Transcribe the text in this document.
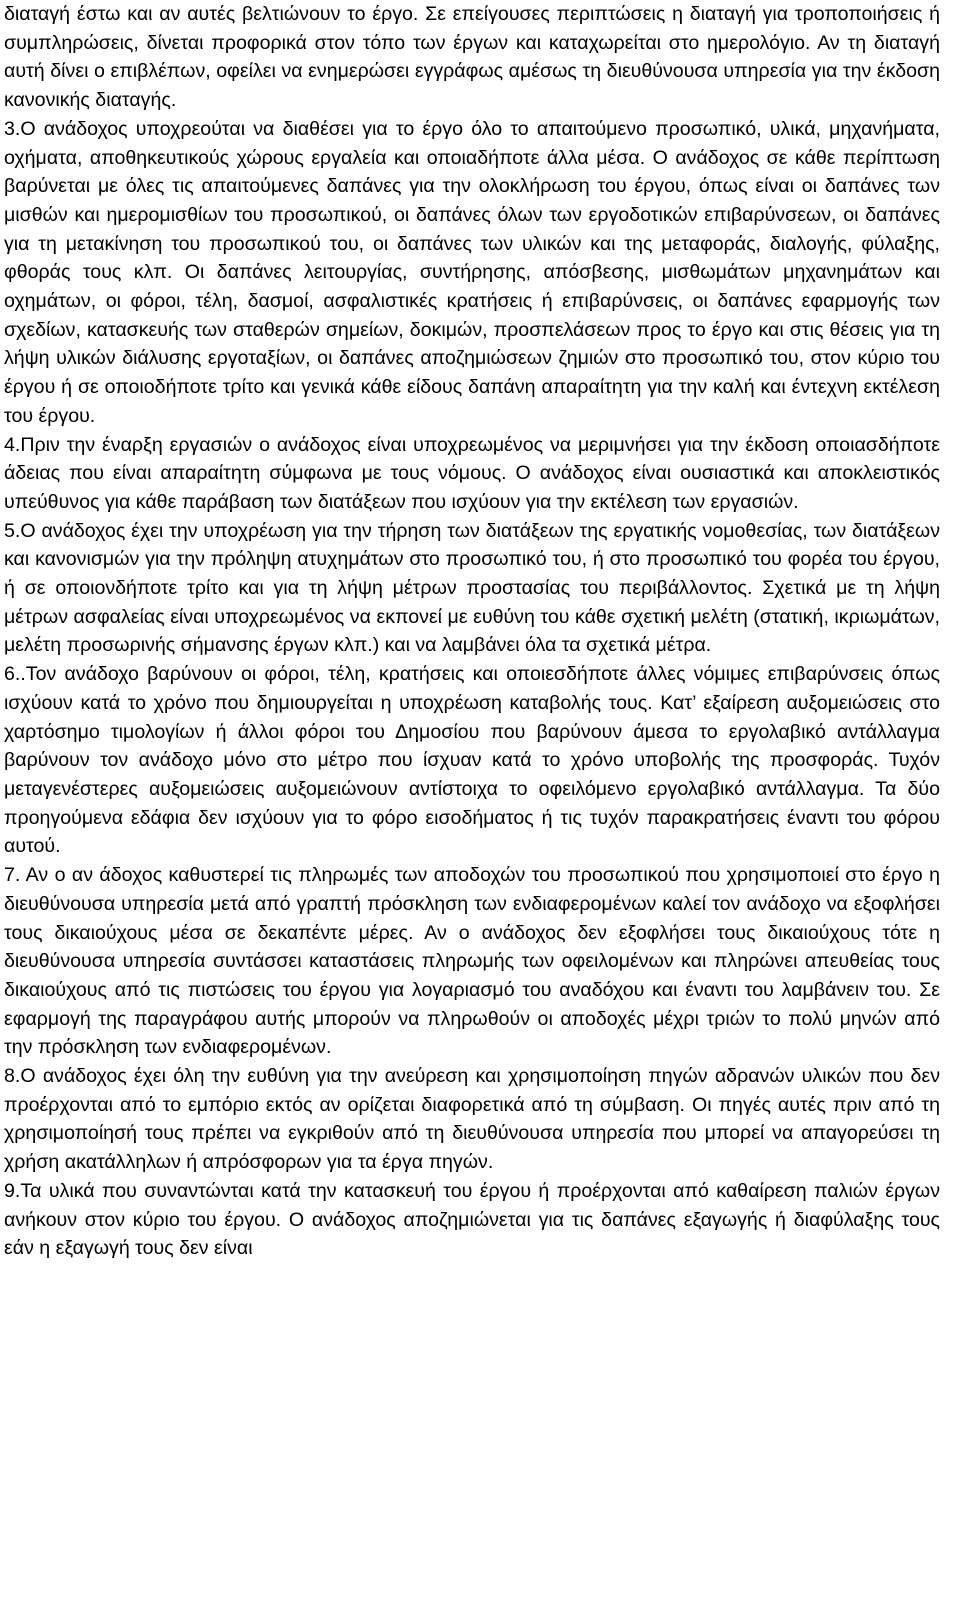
διαταγή έστω και αν αυτές βελτιώνουν το έργο. Σε επείγουσες περιπτώσεις η διαταγή για τροποποιήσεις ή συμπληρώσεις, δίνεται προφορικά στον τόπο των έργων και καταχωρείται στο ημερολόγιο. Αν τη διαταγή αυτή δίνει ο επιβλέπων, οφείλει να ενημερώσει εγγράφως αμέσως τη διευθύνουσα υπηρεσία για την έκδοση κανονικής διαταγής.

3.Ο ανάδοχος υποχρεούται να διαθέσει για το έργο όλο το απαιτούμενο προσωπικό, υλικά, μηχανήματα, οχήματα, αποθηκευτικούς χώρους εργαλεία και οποιαδήποτε άλλα μέσα. Ο ανάδοχος σε κάθε περίπτωση βαρύνεται με όλες τις απαιτούμενες δαπάνες για την ολοκλήρωση του έργου, όπως είναι οι δαπάνες των μισθών και ημερομισθίων του προσωπικού, οι δαπάνες όλων των εργοδοτικών επιβαρύνσεων, οι δαπάνες για τη μετακίνηση του προσωπικού του, οι δαπάνες των υλικών και της μεταφοράς, διαλογής, φύλαξης, φθοράς τους κλπ. Οι δαπάνες λειτουργίας, συντήρησης, απόσβεσης, μισθωμάτων μηχανημάτων και οχημάτων, οι φόροι, τέλη, δασμοί, ασφαλιστικές κρατήσεις ή επιβαρύνσεις, οι δαπάνες εφαρμογής των σχεδίων, κατασκευής των σταθερών σημείων, δοκιμών, προσπελάσεων προς το έργο και στις θέσεις για τη λήψη υλικών διάλυσης εργοταξίων, οι δαπάνες αποζημιώσεων ζημιών στο προσωπικό του, στον κύριο του έργου ή σε οποιοδήποτε τρίτο και γενικά κάθε είδους δαπάνη απαραίτητη για την καλή και έντεχνη εκτέλεση του έργου.

4.Πριν την έναρξη εργασιών ο ανάδοχος είναι υποχρεωμένος να μεριμνήσει για την έκδοση οποιασδήποτε άδειας που είναι απαραίτητη σύμφωνα με τους νόμους. Ο ανάδοχος είναι ουσιαστικά και αποκλειστικός υπεύθυνος για κάθε παράβαση των διατάξεων που ισχύουν για την εκτέλεση των εργασιών.

5.Ο ανάδοχος έχει την υποχρέωση για την τήρηση των διατάξεων της εργατικής νομοθεσίας, των διατάξεων και κανονισμών για την πρόληψη ατυχημάτων στο προσωπικό του, ή στο προσωπικό του φορέα του έργου, ή σε οποιονδήποτε τρίτο και για τη λήψη μέτρων προστασίας του περιβάλλοντος. Σχετικά με τη λήψη μέτρων ασφαλείας είναι υποχρεωμένος να εκπονεί με ευθύνη του κάθε σχετική μελέτη (στατική, ικριωμάτων, μελέτη προσωρινής σήμανσης έργων κλπ.) και να λαμβάνει όλα τα σχετικά μέτρα.

6..Τον ανάδοχο βαρύνουν οι φόροι, τέλη, κρατήσεις και οποιεσδήποτε άλλες νόμιμες επιβαρύνσεις όπως ισχύουν κατά το χρόνο που δημιουργείται η υποχρέωση καταβολής τους. Κατ’ εξαίρεση αυξομειώσεις στο χαρτόσημο τιμολογίων ή άλλοι φόροι του Δημοσίου που βαρύνουν άμεσα το εργολαβικό αντάλλαγμα βαρύνουν τον ανάδοχο μόνο στο μέτρο που ίσχυαν κατά το χρόνο υποβολής της προσφοράς. Τυχόν μεταγενέστερες αυξομειώσεις αυξομειώνουν αντίστοιχα το οφειλόμενο εργολαβικό αντάλλαγμα. Τα δύο προηγούμενα εδάφια δεν ισχύουν για το φόρο εισοδήματος ή τις τυχόν παρακρατήσεις έναντι του φόρου αυτού.

7. Αν ο αν άδοχος καθυστερεί τις πληρωμές των αποδοχών του προσωπικού που χρησιμοποιεί στο έργο η διευθύνουσα υπηρεσία μετά από γραπτή πρόσκληση των ενδιαφερομένων καλεί τον ανάδοχο να εξοφλήσει τους δικαιούχους μέσα σε δεκαπέντε μέρες. Αν ο ανάδοχος δεν εξοφλήσει τους δικαιούχους τότε η διευθύνουσα υπηρεσία συντάσσει καταστάσεις πληρωμής των οφειλομένων και πληρώνει απευθείας τους δικαιούχους από τις πιστώσεις του έργου για λογαριασμό του αναδόχου και έναντι του λαμβάνειν του. Σε εφαρμογή της παραγράφου αυτής μπορούν να πληρωθούν οι αποδοχές μέχρι τριών το πολύ μηνών από την πρόσκληση των ενδιαφερομένων.

8.Ο ανάδοχος έχει όλη την ευθύνη για την ανεύρεση και χρησιμοποίηση πηγών αδρανών υλικών που δεν προέρχονται από το εμπόριο εκτός αν ορίζεται διαφορετικά από τη σύμβαση. Οι πηγές αυτές πριν από τη χρησιμοποίησή τους πρέπει να εγκριθούν από τη διευθύνουσα υπηρεσία που μπορεί να απαγορεύσει τη χρήση ακατάλληλων ή απρόσφορων για τα έργα πηγών.

9.Τα υλικά που συναντώνται κατά την κατασκευή του έργου ή προέρχονται από καθαίρεση παλιών έργων ανήκουν στον κύριο του έργου. Ο ανάδοχος αποζημιώνεται για τις δαπάνες εξαγωγής ή διαφύλαξης τους εάν η εξαγωγή τους δεν είναι
